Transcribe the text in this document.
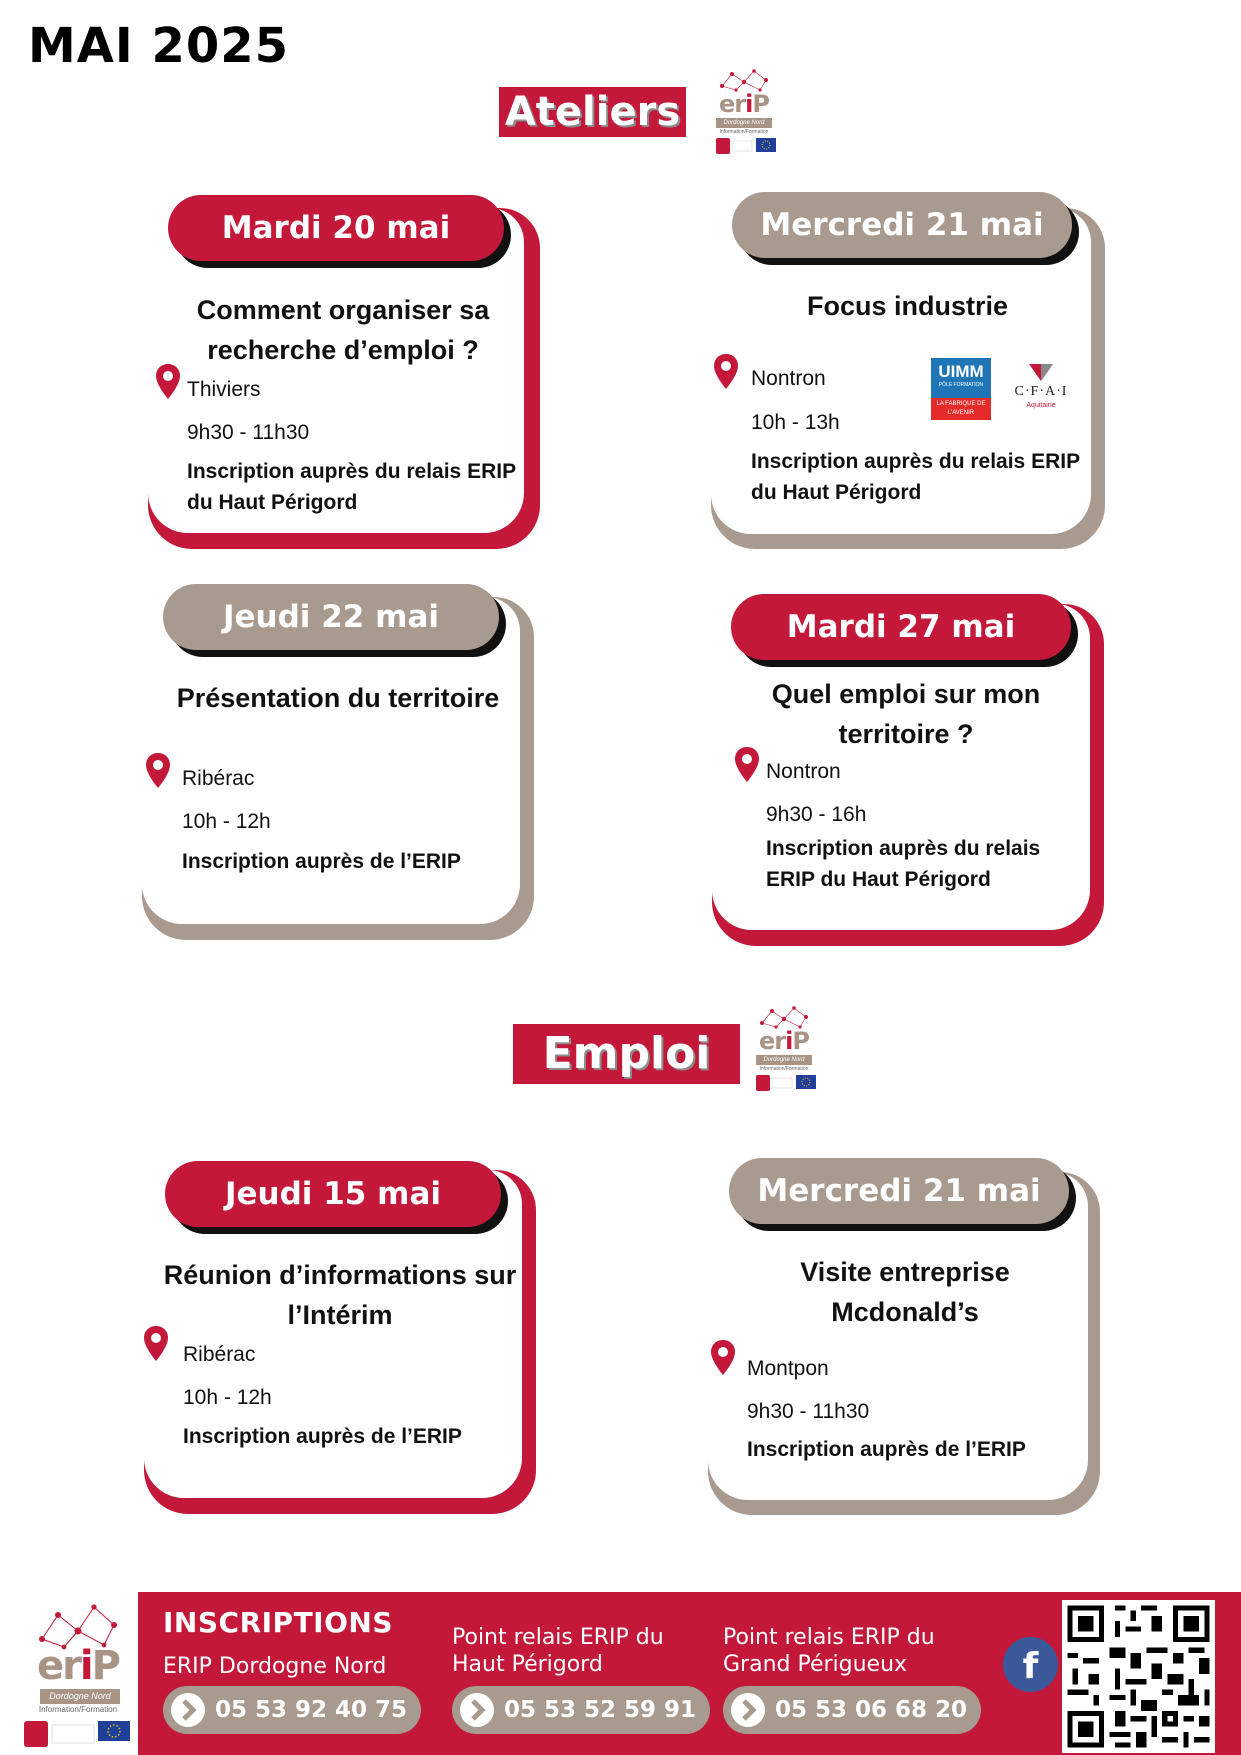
MAI 2025
Ateliers	eriP
Dordogne Nord
Information/Formation
Mardi 20 mai
Comment organiser sa recherche d’emploi ?
Thiviers
9h30 - 11h30
Inscription auprès du relais ERIP du Haut Périgord
Mercredi 21 mai
Focus industrie
Nontron
10h - 13h
Inscription auprès du relais ERIP du Haut Périgord
UIMM
PÔLE FORMATION
LA FABRIQUE DE L’AVENIR
C·F·A·I
Aquitaine
Jeudi 22 mai
Présentation du territoire
Ribérac
10h - 12h
Inscription auprès de l’ERIP
Mardi 27 mai
Quel emploi sur mon territoire ?
Nontron
9h30 - 16h
Inscription auprès du relais ERIP du Haut Périgord
Emploi	eriP
Dordogne Nord
Information/Formation
Jeudi 15 mai
Réunion d’informations sur l’Intérim
Ribérac
10h - 12h
Inscription auprès de l’ERIP
Mercredi 21 mai
Visite entreprise Mcdonald’s
Montpon
9h30 - 11h30
Inscription auprès de l’ERIP
eriP
Dordogne Nord
Information/Formation
INSCRIPTIONS
ERIP Dordogne Nord
05 53 92 40 75
Point relais ERIP du Haut Périgord
05 53 52 59 91
Point relais ERIP du Grand Périgueux
05 53 06 68 20
f
